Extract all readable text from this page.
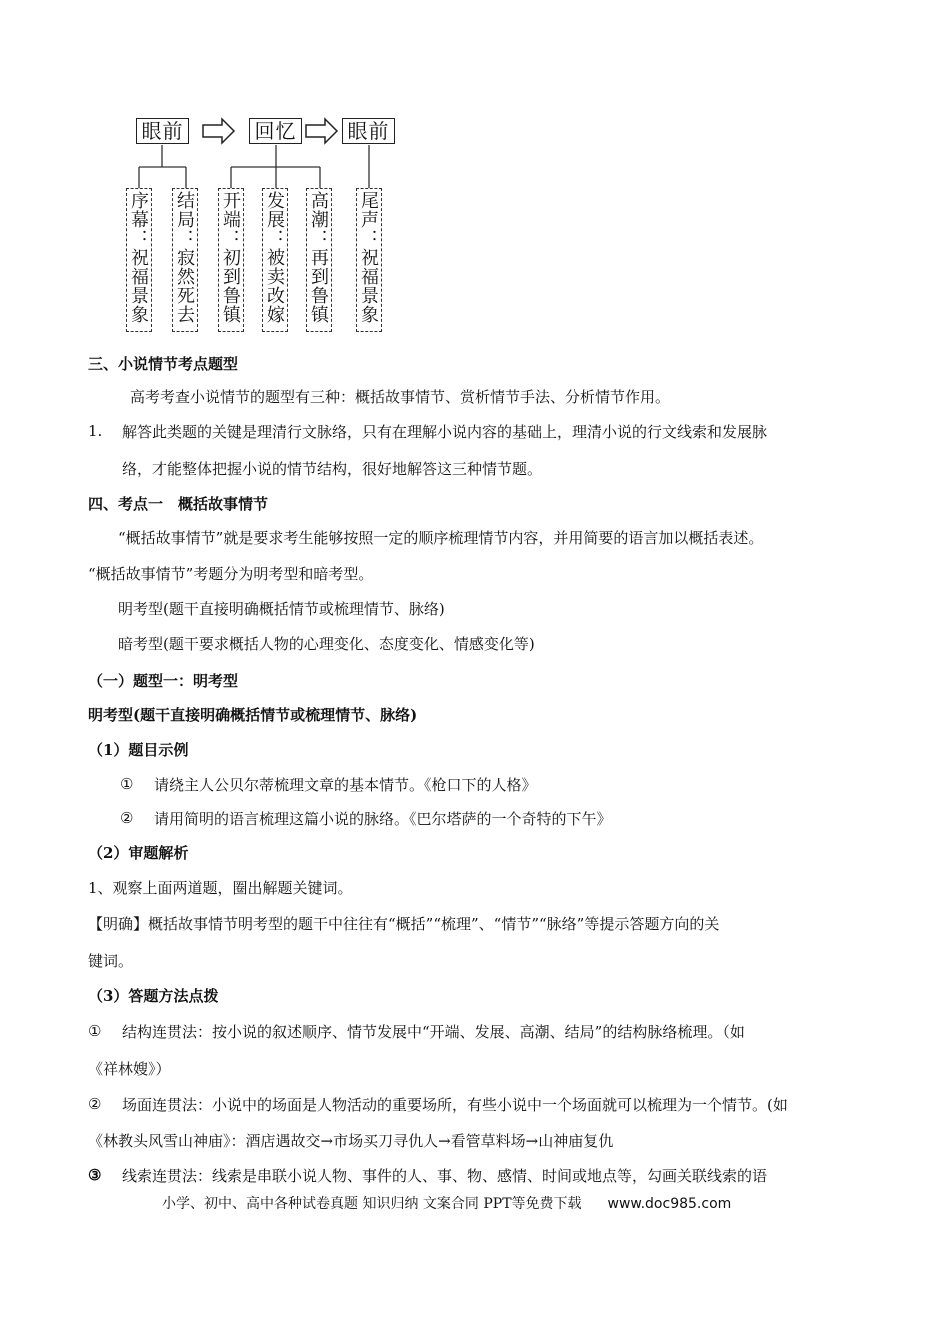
眼前	回忆	眼前
序幕：祝福景象
结局：寂然死去
开端：初到鲁镇
发展：被卖改嫁
高潮：再到鲁镇
尾声：祝福景象
三、小说情节考点题型
高考考查小说情节的题型有三种：概括故事情节、赏析情节手法、分析情节作用。
1. 解答此类题的关键是理清行文脉络，只有在理解小说内容的基础上，理清小说的行文线索和发展脉
络，才能整体把握小说的情节结构，很好地解答这三种情节题。
四、考点一　概括故事情节
“概括故事情节”就是要求考生能够按照一定的顺序梳理情节内容，并用简要的语言加以概括表述。
“概括故事情节”考题分为明考型和暗考型。
明考型(题干直接明确概括情节或梳理情节、脉络)
暗考型(题干要求概括人物的心理变化、态度变化、情感变化等)
（一）题型一：明考型
明考型(题干直接明确概括情节或梳理情节、脉络)
（1）题目示例
① 请绕主人公贝尔蒂梳理文章的基本情节。《枪口下的人格》
② 请用简明的语言梳理这篇小说的脉络。《巴尔塔萨的一个奇特的下午》
（2）审题解析
1、观察上面两道题，圈出解题关键词。
【明确】概括故事情节明考型的题干中往往有“概括”“梳理”、“情节”“脉络”等提示答题方向的关
键词。
（3）答题方法点拨
① 结构连贯法：按小说的叙述顺序、情节发展中“开端、发展、高潮、结局”的结构脉络梳理。（如
《祥林嫂》）
② 场面连贯法：小说中的场面是人物活动的重要场所，有些小说中一个场面就可以梳理为一个情节。(如
《林教头风雪山神庙》：酒店遇故交→市场买刀寻仇人→看管草料场→山神庙复仇
③ 线索连贯法：线索是串联小说人物、事件的人、事、物、感情、时间或地点等，勾画关联线索的语
小学、初中、高中各种试卷真题 知识归纳 文案合同 PPT等免费下载 www.doc985.com
